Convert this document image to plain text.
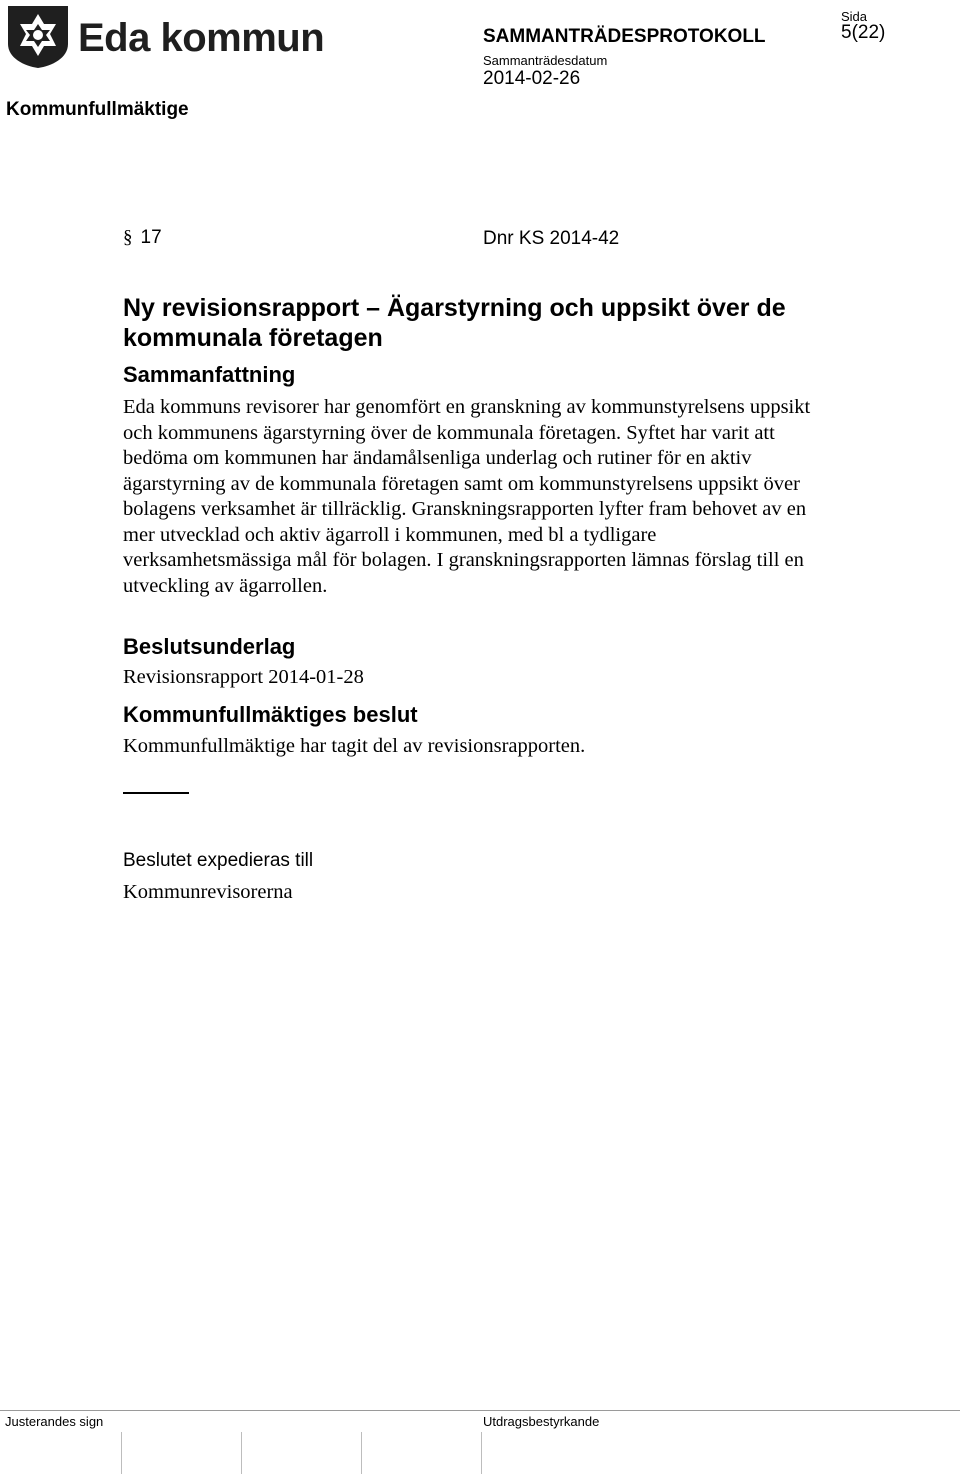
Eda kommun	SAMMANTRÄDESPROTOKOLL
Sammanträdesdatum
2014-02-26
Sida
5(22)
Kommunfullmäktige
§ 17	Dnr KS 2014-42
Ny revisionsrapport – Ägarstyrning och uppsikt över de kommunala företagen
Sammanfattning
Eda kommuns revisorer har genomfört en granskning av kommunstyrelsens uppsikt och kommunens ägarstyrning över de kommunala företagen. Syftet har varit att bedöma om kommunen har ändamålsenliga underlag och rutiner för en aktiv ägarstyrning av de kommunala företagen samt om kommunstyrelsens uppsikt över bolagens verksamhet är tillräcklig. Granskningsrapporten lyfter fram behovet av en mer utvecklad och aktiv ägarroll i kommunen, med bl a tydligare verksamhetsmässiga mål för bolagen. I granskningsrapporten lämnas förslag till en utveckling av ägarrollen.
Beslutsunderlag
Revisionsrapport 2014-01-28
Kommunfullmäktiges beslut
Kommunfullmäktige har tagit del av revisionsrapporten.
Beslutet expedieras till
Kommunrevisorerna
Justerandes sign	Utdragsbestyrkande
